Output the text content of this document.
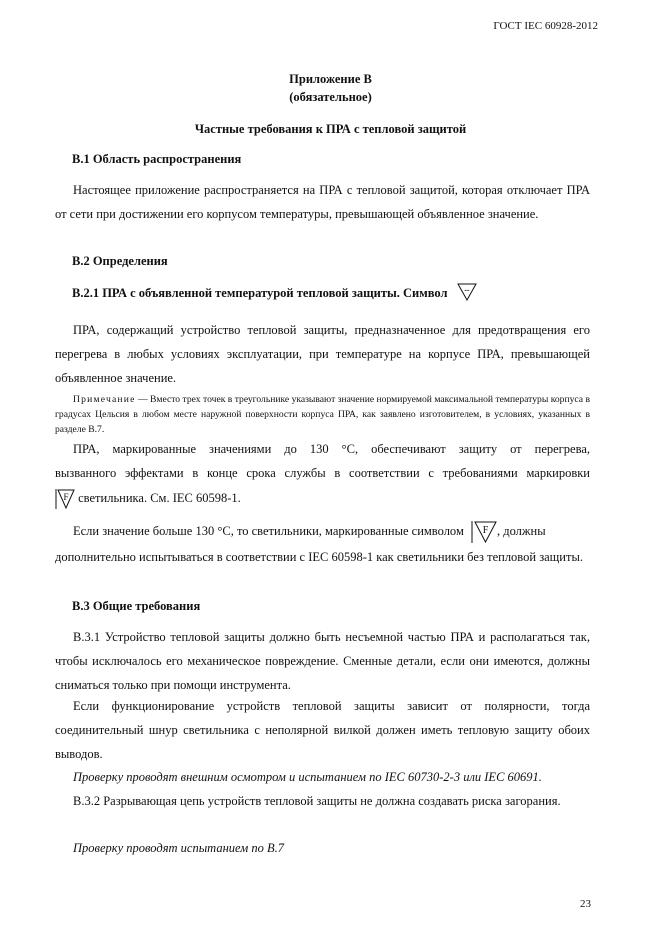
ГОСТ IEC 60928-2012
Приложение В
(обязательное)
Частные требования к ПРА с тепловой защитой
В.1 Область распространения
Настоящее приложение распространяется на ПРА с тепловой защитой, которая отключает ПРА от сети при достижении его корпусом температуры, превышающей объявленное значение.
В.2 Определения
В.2.1 ПРА с объявленной температурой тепловой защиты. Символ ...
ПРА, содержащий устройство тепловой защиты, предназначенное для предотвращения его перегрева в любых условиях эксплуатации, при температуре на корпусе ПРА, превышающей объявленное значение.
Примечание — Вместо трех точек в треугольнике указывают значение нормируемой максимальной температуры корпуса в градусах Цельсия в любом месте наружной поверхности корпуса ПРА, как заявлено изготовителем, в условиях, указанных в разделе В.7.
ПРА, маркированные значениями до 130 °С, обеспечивают защиту от перегрева,
вызванного эффектами в конце срока службы в соответствии с требованиями маркировки
F светильника. См. IEC 60598-1.
Если значение больше 130 °С, то светильники, маркированные символом F , должны
дополнительно испытываться в соответствии с IEC 60598-1 как светильники без тепловой защиты.
В.3 Общие требования
В.3.1 Устройство тепловой защиты должно быть несъемной частью ПРА и располагаться так, чтобы исключалось его механическое повреждение. Сменные детали, если они имеются, должны сниматься только при помощи инструмента.
Если функционирование устройств тепловой защиты зависит от полярности, тогда соединительный шнур светильника с неполярной вилкой должен иметь тепловую защиту обоих выводов.
Проверку проводят внешним осмотром и испытанием по IEC 60730-2-3 или IEC 60691.
В.3.2 Разрывающая цепь устройств тепловой защиты не должна создавать риска загорания.
Проверку проводят испытанием по В.7
23
